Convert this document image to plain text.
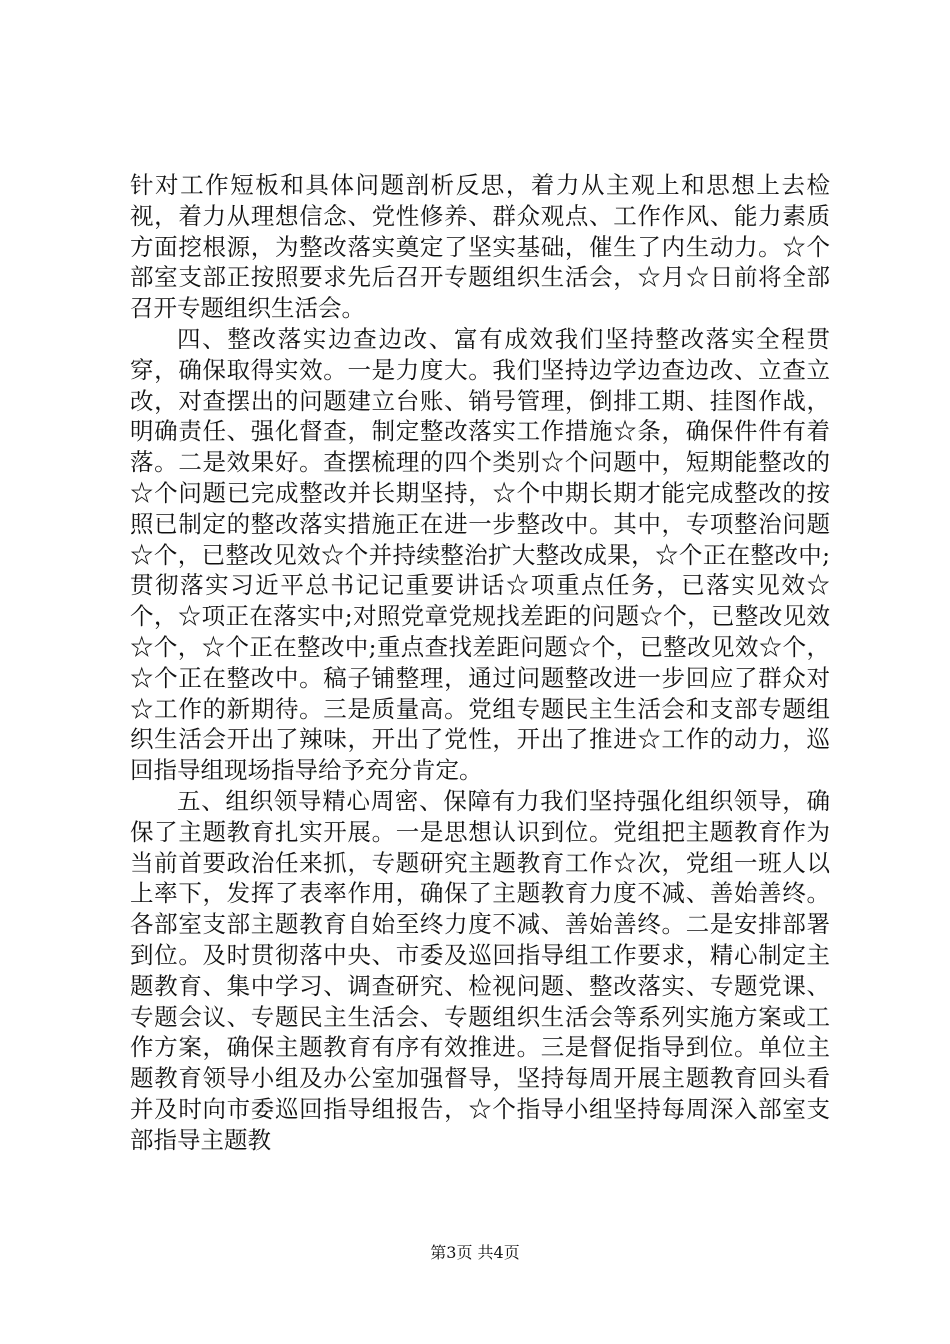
针对工作短板和具体问题剖析反思，着力从主观上和思想上去检视，着力从理想信念、党性修养、群众观点、工作作风、能力素质方面挖根源，为整改落实奠定了坚实基础，催生了内生动力。☆个部室支部正按照要求先后召开专题组织生活会，☆月☆日前将全部召开专题组织生活会。

四、整改落实边查边改、富有成效我们坚持整改落实全程贯穿，确保取得实效。一是力度大。我们坚持边学边查边改、立查立改，对查摆出的问题建立台账、销号管理，倒排工期、挂图作战，明确责任、强化督查，制定整改落实工作措施☆条，确保件件有着落。二是效果好。查摆梳理的四个类别☆个问题中，短期能整改的☆个问题已完成整改并长期坚持，☆个中期长期才能完成整改的按照已制定的整改落实措施正在进一步整改中。其中，专项整治问题☆个，已整改见效☆个并持续整治扩大整改成果，☆个正在整改中;贯彻落实习近平总书记记重要讲话☆项重点任务，已落实见效☆个，☆项正在落实中;对照党章党规找差距的问题☆个，已整改见效☆个，☆个正在整改中;重点查找差距问题☆个，已整改见效☆个，☆个正在整改中。稿子铺整理，通过问题整改进一步回应了群众对☆工作的新期待。三是质量高。党组专题民主生活会和支部专题组织生活会开出了辣味，开出了党性，开出了推进☆工作的动力，巡回指导组现场指导给予充分肯定。

五、组织领导精心周密、保障有力我们坚持强化组织领导，确保了主题教育扎实开展。一是思想认识到位。党组把主题教育作为当前首要政治任来抓，专题研究主题教育工作☆次，党组一班人以上率下，发挥了表率作用，确保了主题教育力度不减、善始善终。各部室支部主题教育自始至终力度不减、善始善终。二是安排部署到位。及时贯彻落中央、市委及巡回指导组工作要求，精心制定主题教育、集中学习、调查研究、检视问题、整改落实、专题党课、专题会议、专题民主生活会、专题组织生活会等系列实施方案或工作方案，确保主题教育有序有效推进。三是督促指导到位。单位主题教育领导小组及办公室加强督导，坚持每周开展主题教育回头看并及时向市委巡回指导组报告，☆个指导小组坚持每周深入部室支部指导主题教

第3页 共4页
